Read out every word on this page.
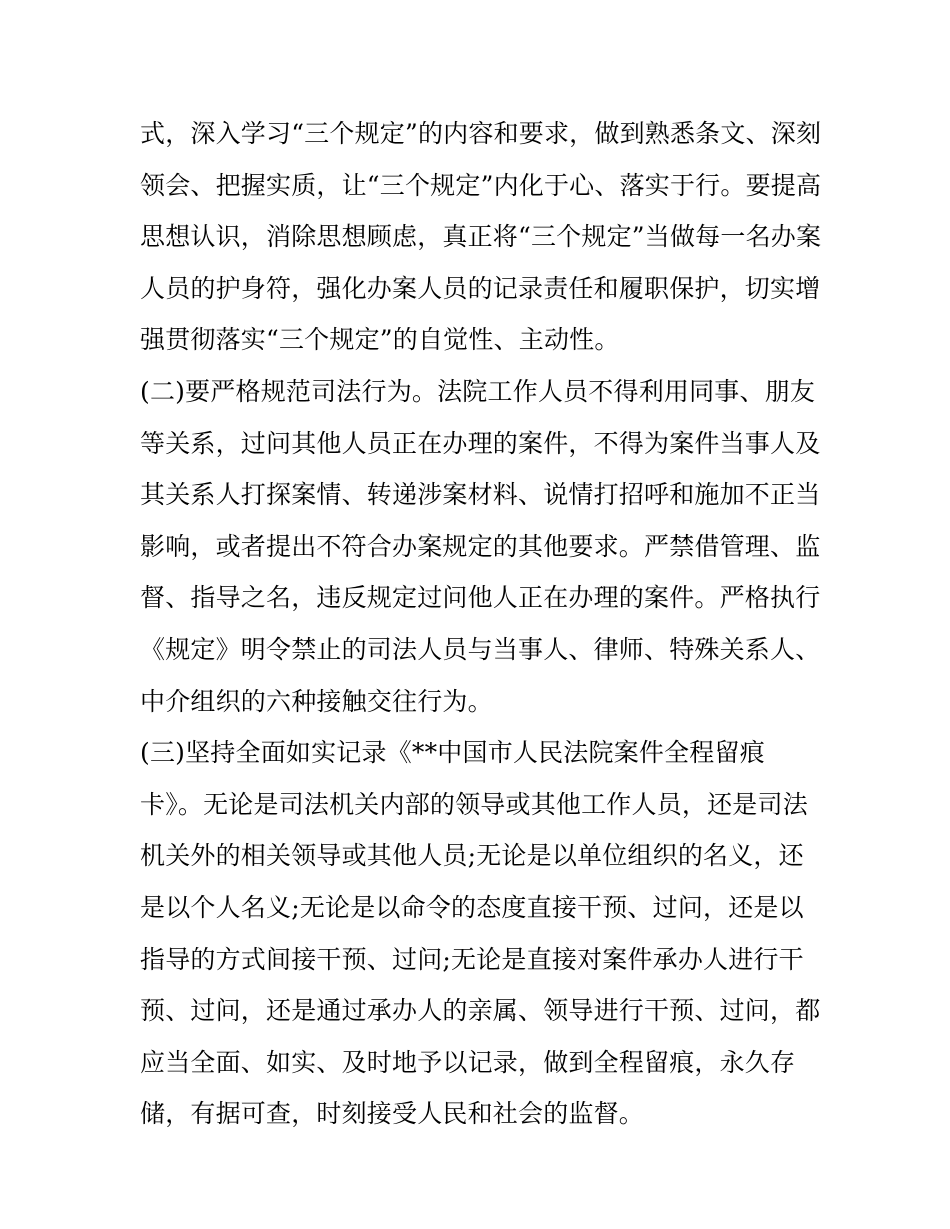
式，深入学习“三个规定”的内容和要求，做到熟悉条文、深刻
领会、把握实质，让“三个规定”内化于心、落实于行。要提高
思想认识，消除思想顾虑，真正将“三个规定”当做每一名办案
人员的护身符，强化办案人员的记录责任和履职保护，切实增
强贯彻落实“三个规定”的自觉性、主动性。
(二)要严格规范司法行为。法院工作人员不得利用同事、朋友
等关系，过问其他人员正在办理的案件，不得为案件当事人及
其关系人打探案情、转递涉案材料、说情打招呼和施加不正当
影响，或者提出不符合办案规定的其他要求。严禁借管理、监
督、指导之名，违反规定过问他人正在办理的案件。严格执行
《规定》明令禁止的司法人员与当事人、律师、特殊关系人、
中介组织的六种接触交往行为。
(三)坚持全面如实记录《**中国市人民法院案件全程留痕
卡》。无论是司法机关内部的领导或其他工作人员，还是司法
机关外的相关领导或其他人员;无论是以单位组织的名义，还
是以个人名义;无论是以命令的态度直接干预、过问，还是以
指导的方式间接干预、过问;无论是直接对案件承办人进行干
预、过问，还是通过承办人的亲属、领导进行干预、过问，都
应当全面、如实、及时地予以记录，做到全程留痕，永久存
储，有据可查，时刻接受人民和社会的监督。
